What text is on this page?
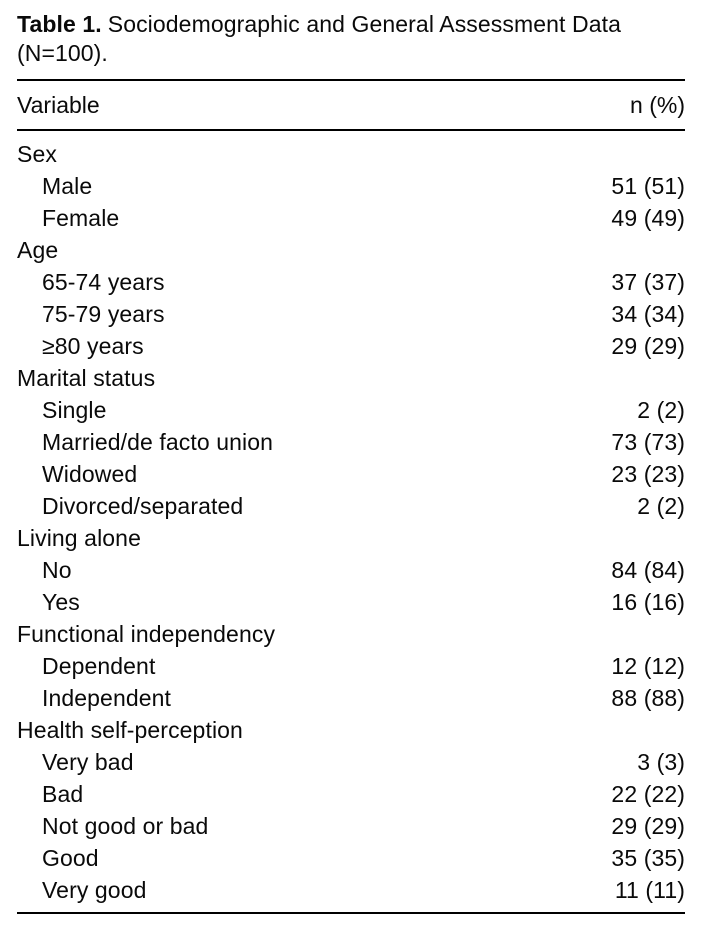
Table 1. Sociodemographic and General Assessment Data
(N=100).
Variable	n (%)
Sex
Male	51 (51)
Female	49 (49)
Age
65-74 years	37 (37)
75-79 years	34 (34)
≥80 years	29 (29)
Marital status
Single	2 (2)
Married/de facto union	73 (73)
Widowed	23 (23)
Divorced/separated	2 (2)
Living alone
No	84 (84)
Yes	16 (16)
Functional independency
Dependent	12 (12)
Independent	88 (88)
Health self-perception
Very bad	3 (3)
Bad	22 (22)
Not good or bad	29 (29)
Good	35 (35)
Very good	11 (11)
